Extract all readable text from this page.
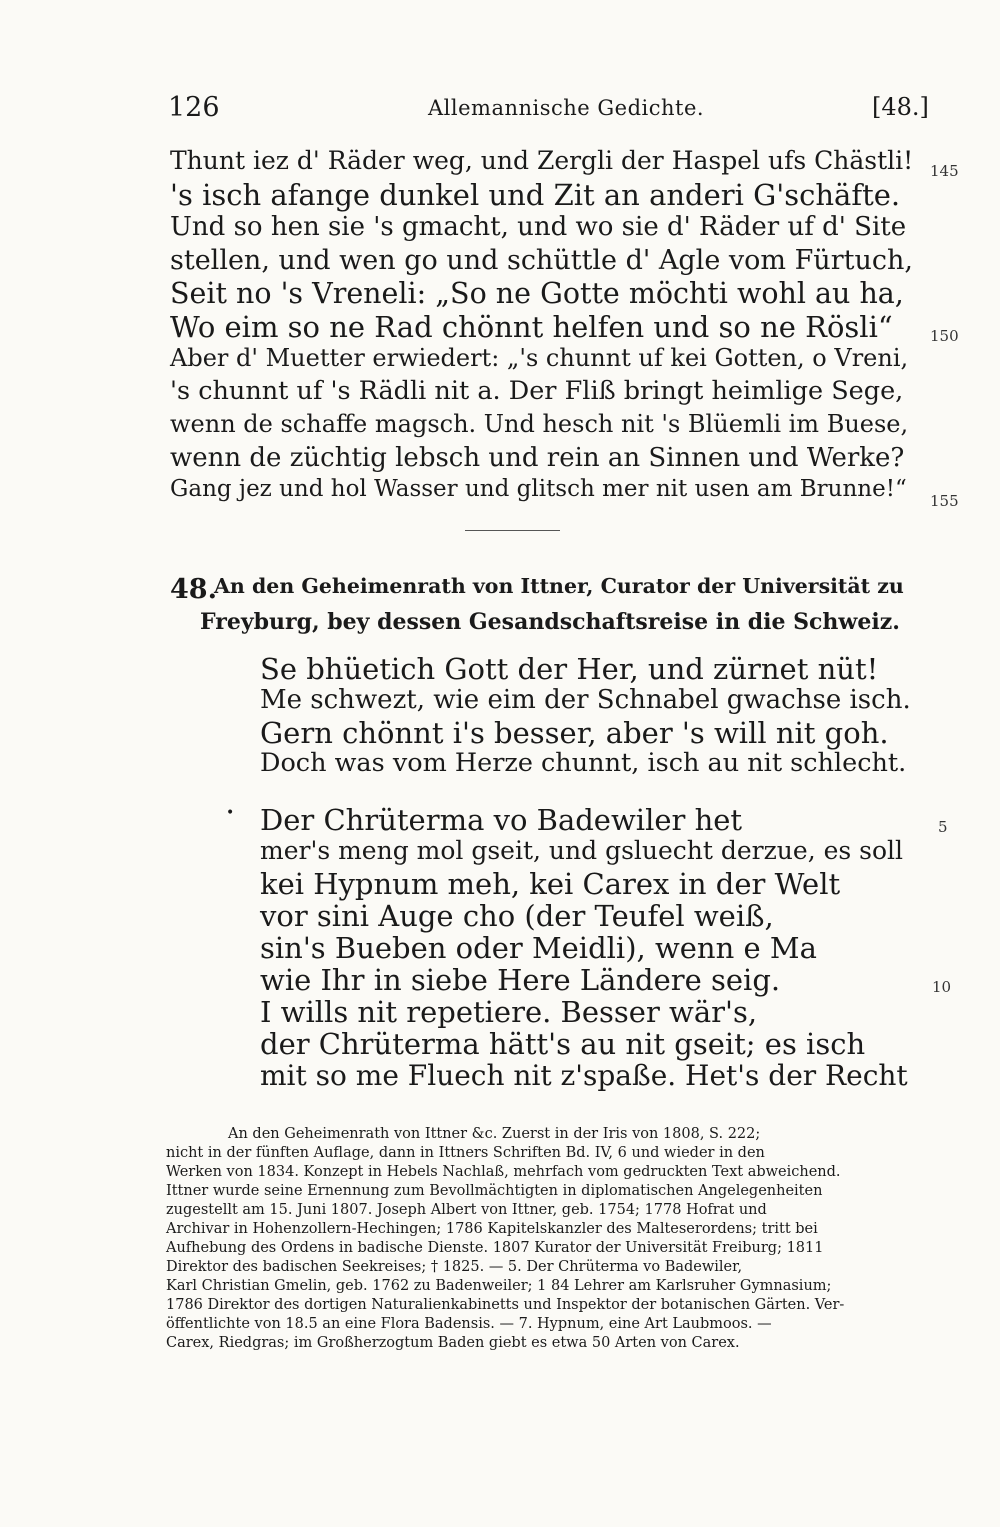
126	Allemannische Gedichte.	[48.]
Thunt iez d' Räder weg, und Zergli der Haspel ufs Chästli!
's isch afange dunkel und Zit an anderi G'schäfte.
Und so hen sie 's gmacht, und wo sie d' Räder uf d' Site
stellen, und wen go und schüttle d' Agle vom Fürtuch,
Seit no 's Vreneli: „So ne Gotte möchti wohl au ha,
Wo eim so ne Rad chönnt helfen und so ne Rösli“
Aber d' Muetter erwiedert: „'s chunnt uf kei Gotten, o Vreni,
's chunnt uf 's Rädli nit a. Der Fliß bringt heimlige Sege,
wenn de schaffe magsch. Und hesch nit 's Blüemli im Buese,
wenn de züchtig lebsch und rein an Sinnen und Werke?
Gang jez und hol Wasser und glitsch mer nit usen am Brunne!“
145
150
155
48.
An den Geheimenrath von Ittner, Curator der Universität zu
Freyburg, bey dessen Gesandschaftsreise in die Schweiz.
Se bhüetich Gott der Her, und zürnet nüt!
Me schwezt, wie eim der Schnabel gwachse isch.
Gern chönnt i's besser, aber 's will nit goh.
Doch was vom Herze chunnt, isch au nit schlecht.
• Der Chrüterma vo Badewiler het
mer's meng mol gseit, und gsluecht derzue, es soll
kei Hypnum meh, kei Carex in der Welt
vor sini Auge cho (der Teufel weiß,
sin's Bueben oder Meidli), wenn e Ma
wie Ihr in siebe Here Ländere seig.
I wills nit repetiere. Besser wär's,
der Chrüterma hätt's au nit gseit; es isch
mit so me Fluech nit z'spaße. Het's der Recht
5
10
An den Geheimenrath von Ittner &c. Zuerst in der Iris von 1808, S. 222;
nicht in der fünften Auflage, dann in Ittners Schriften Bd. IV, 6 und wieder in den
Werken von 1834. Konzept in Hebels Nachlaß, mehrfach vom gedruckten Text abweichend.
Ittner wurde seine Ernennung zum Bevollmächtigten in diplomatischen Angelegenheiten
zugestellt am 15. Juni 1807. Joseph Albert von Ittner, geb. 1754; 1778 Hofrat und
Archivar in Hohenzollern-Hechingen; 1786 Kapitelskanzler des Malteserordens; tritt bei
Aufhebung des Ordens in badische Dienste. 1807 Kurator der Universität Freiburg; 1811
Direktor des badischen Seekreises; † 1825. — 5. Der Chrüterma vo Badewiler,
Karl Christian Gmelin, geb. 1762 zu Badenweiler; 1 84 Lehrer am Karlsruher Gymnasium;
1786 Direktor des dortigen Naturalienkabinetts und Inspektor der botanischen Gärten. Ver-
öffentlichte von 18.5 an eine Flora Badensis. — 7. Hypnum, eine Art Laubmoos. —
Carex, Riedgras; im Großherzogtum Baden giebt es etwa 50 Arten von Carex.
